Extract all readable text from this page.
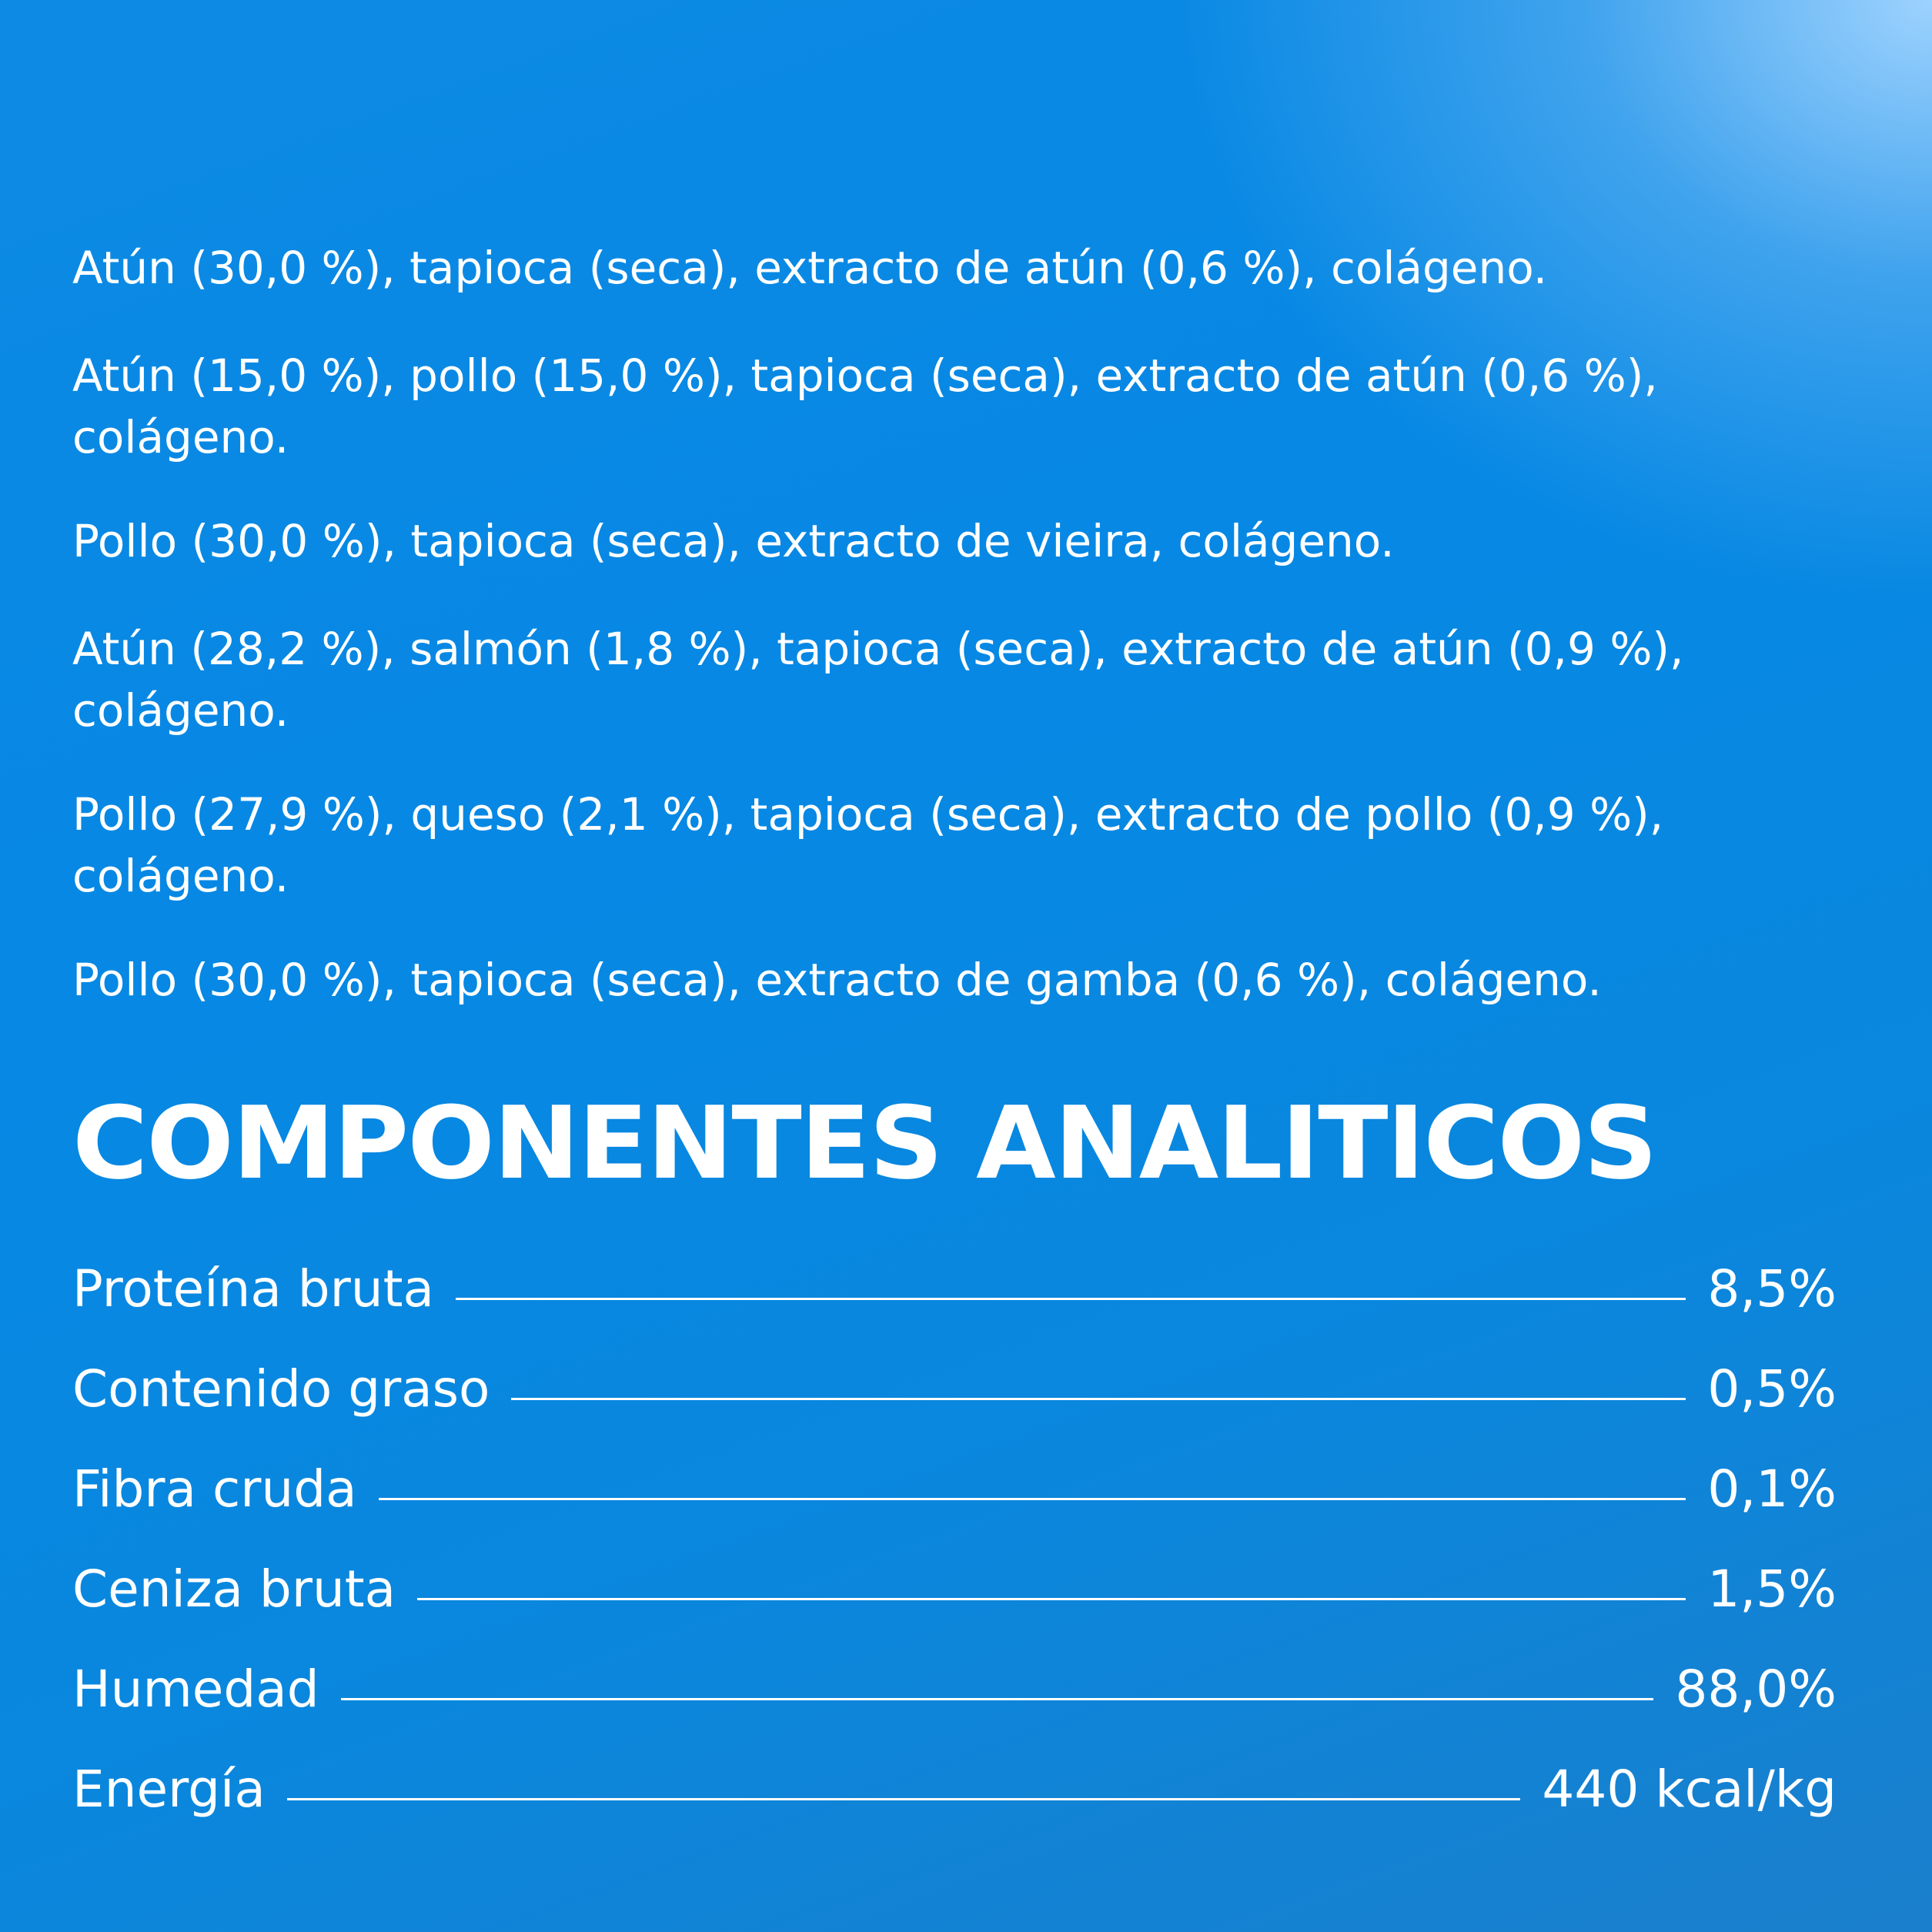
Atún (30,0 %), tapioca (seca), extracto de atún (0,6 %), colágeno.
Atún (15,0 %), pollo (15,0 %), tapioca (seca), extracto de atún (0,6 %), colágeno.
Pollo (30,0 %), tapioca (seca), extracto de vieira, colágeno.
Atún (28,2 %), salmón (1,8 %), tapioca (seca), extracto de atún (0,9 %), colágeno.
Pollo (27,9 %), queso (2,1 %), tapioca (seca), extracto de pollo (0,9 %), colágeno.
Pollo (30,0 %), tapioca (seca), extracto de gamba (0,6 %), colágeno.
COMPONENTES ANALITICOS
Proteína bruta	8,5%
Contenido graso	0,5%
Fibra cruda	0,1%
Ceniza bruta	1,5%
Humedad	88,0%
Energía	440 kcal/kg
